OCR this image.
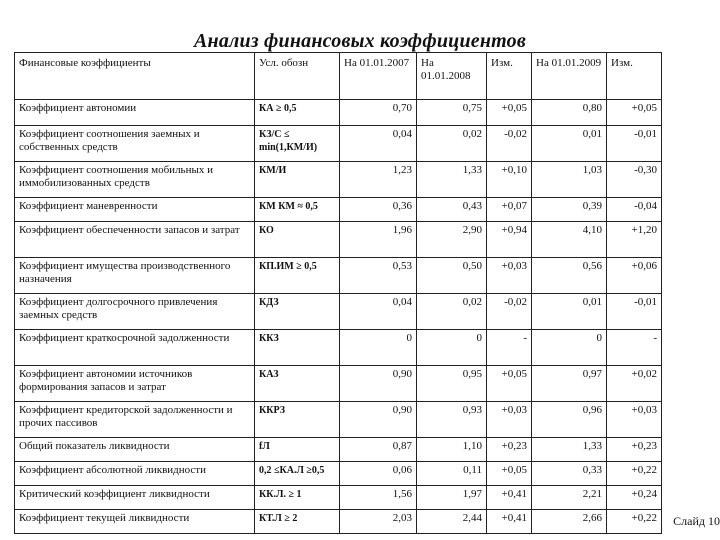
Анализ финансовых коэффициентов
Финансовые коэффициенты	Усл. обозн	На 01.01.2007	На 01.01.2008	Изм.	На 01.01.2009	Изм.
Коэффициент автономии	КА ≥ 0,5	0,70	0,75	+0,05	0,80	+0,05
Коэффициент соотношения заемных и собственных средств	КЗ/С ≤ min(1,КМ/И)	0,04	0,02	-0,02	0,01	-0,01
Коэффициент соотношения мобильных и иммобилизованных средств	КМ/И	1,23	1,33	+0,10	1,03	-0,30
Коэффициент маневренности	КМ КМ ≈ 0,5	0,36	0,43	+0,07	0,39	-0,04
Коэффициент обеспеченности запасов и затрат	КО	1,96	2,90	+0,94	4,10	+1,20
Коэффициент имущества производственного назначения	КП.ИМ ≥ 0,5	0,53	0,50	+0,03	0,56	+0,06
Коэффициент долгосрочного привлечения заемных средств	КДЗ	0,04	0,02	-0,02	0,01	-0,01
Коэффициент краткосрочной задолженности	ККЗ	0	0	-	0	-
Коэффициент автономии источников формирования запасов и затрат	КАЗ	0,90	0,95	+0,05	0,97	+0,02
Коэффициент кредиторской задолженности и прочих пассивов	ККРЗ	0,90	0,93	+0,03	0,96	+0,03
Общий показатель ликвидности	fЛ	0,87	1,10	+0,23	1,33	+0,23
Коэффициент абсолютной ликвидности	0,2 ≤КА.Л ≥0,5	0,06	0,11	+0,05	0,33	+0,22
Критический коэффициент ликвидности	КК.Л. ≥ 1	1,56	1,97	+0,41	2,21	+0,24
Коэффициент текущей ликвидности	КТ.Л ≥ 2	2,03	2,44	+0,41	2,66	+0,22 Слайд 10
